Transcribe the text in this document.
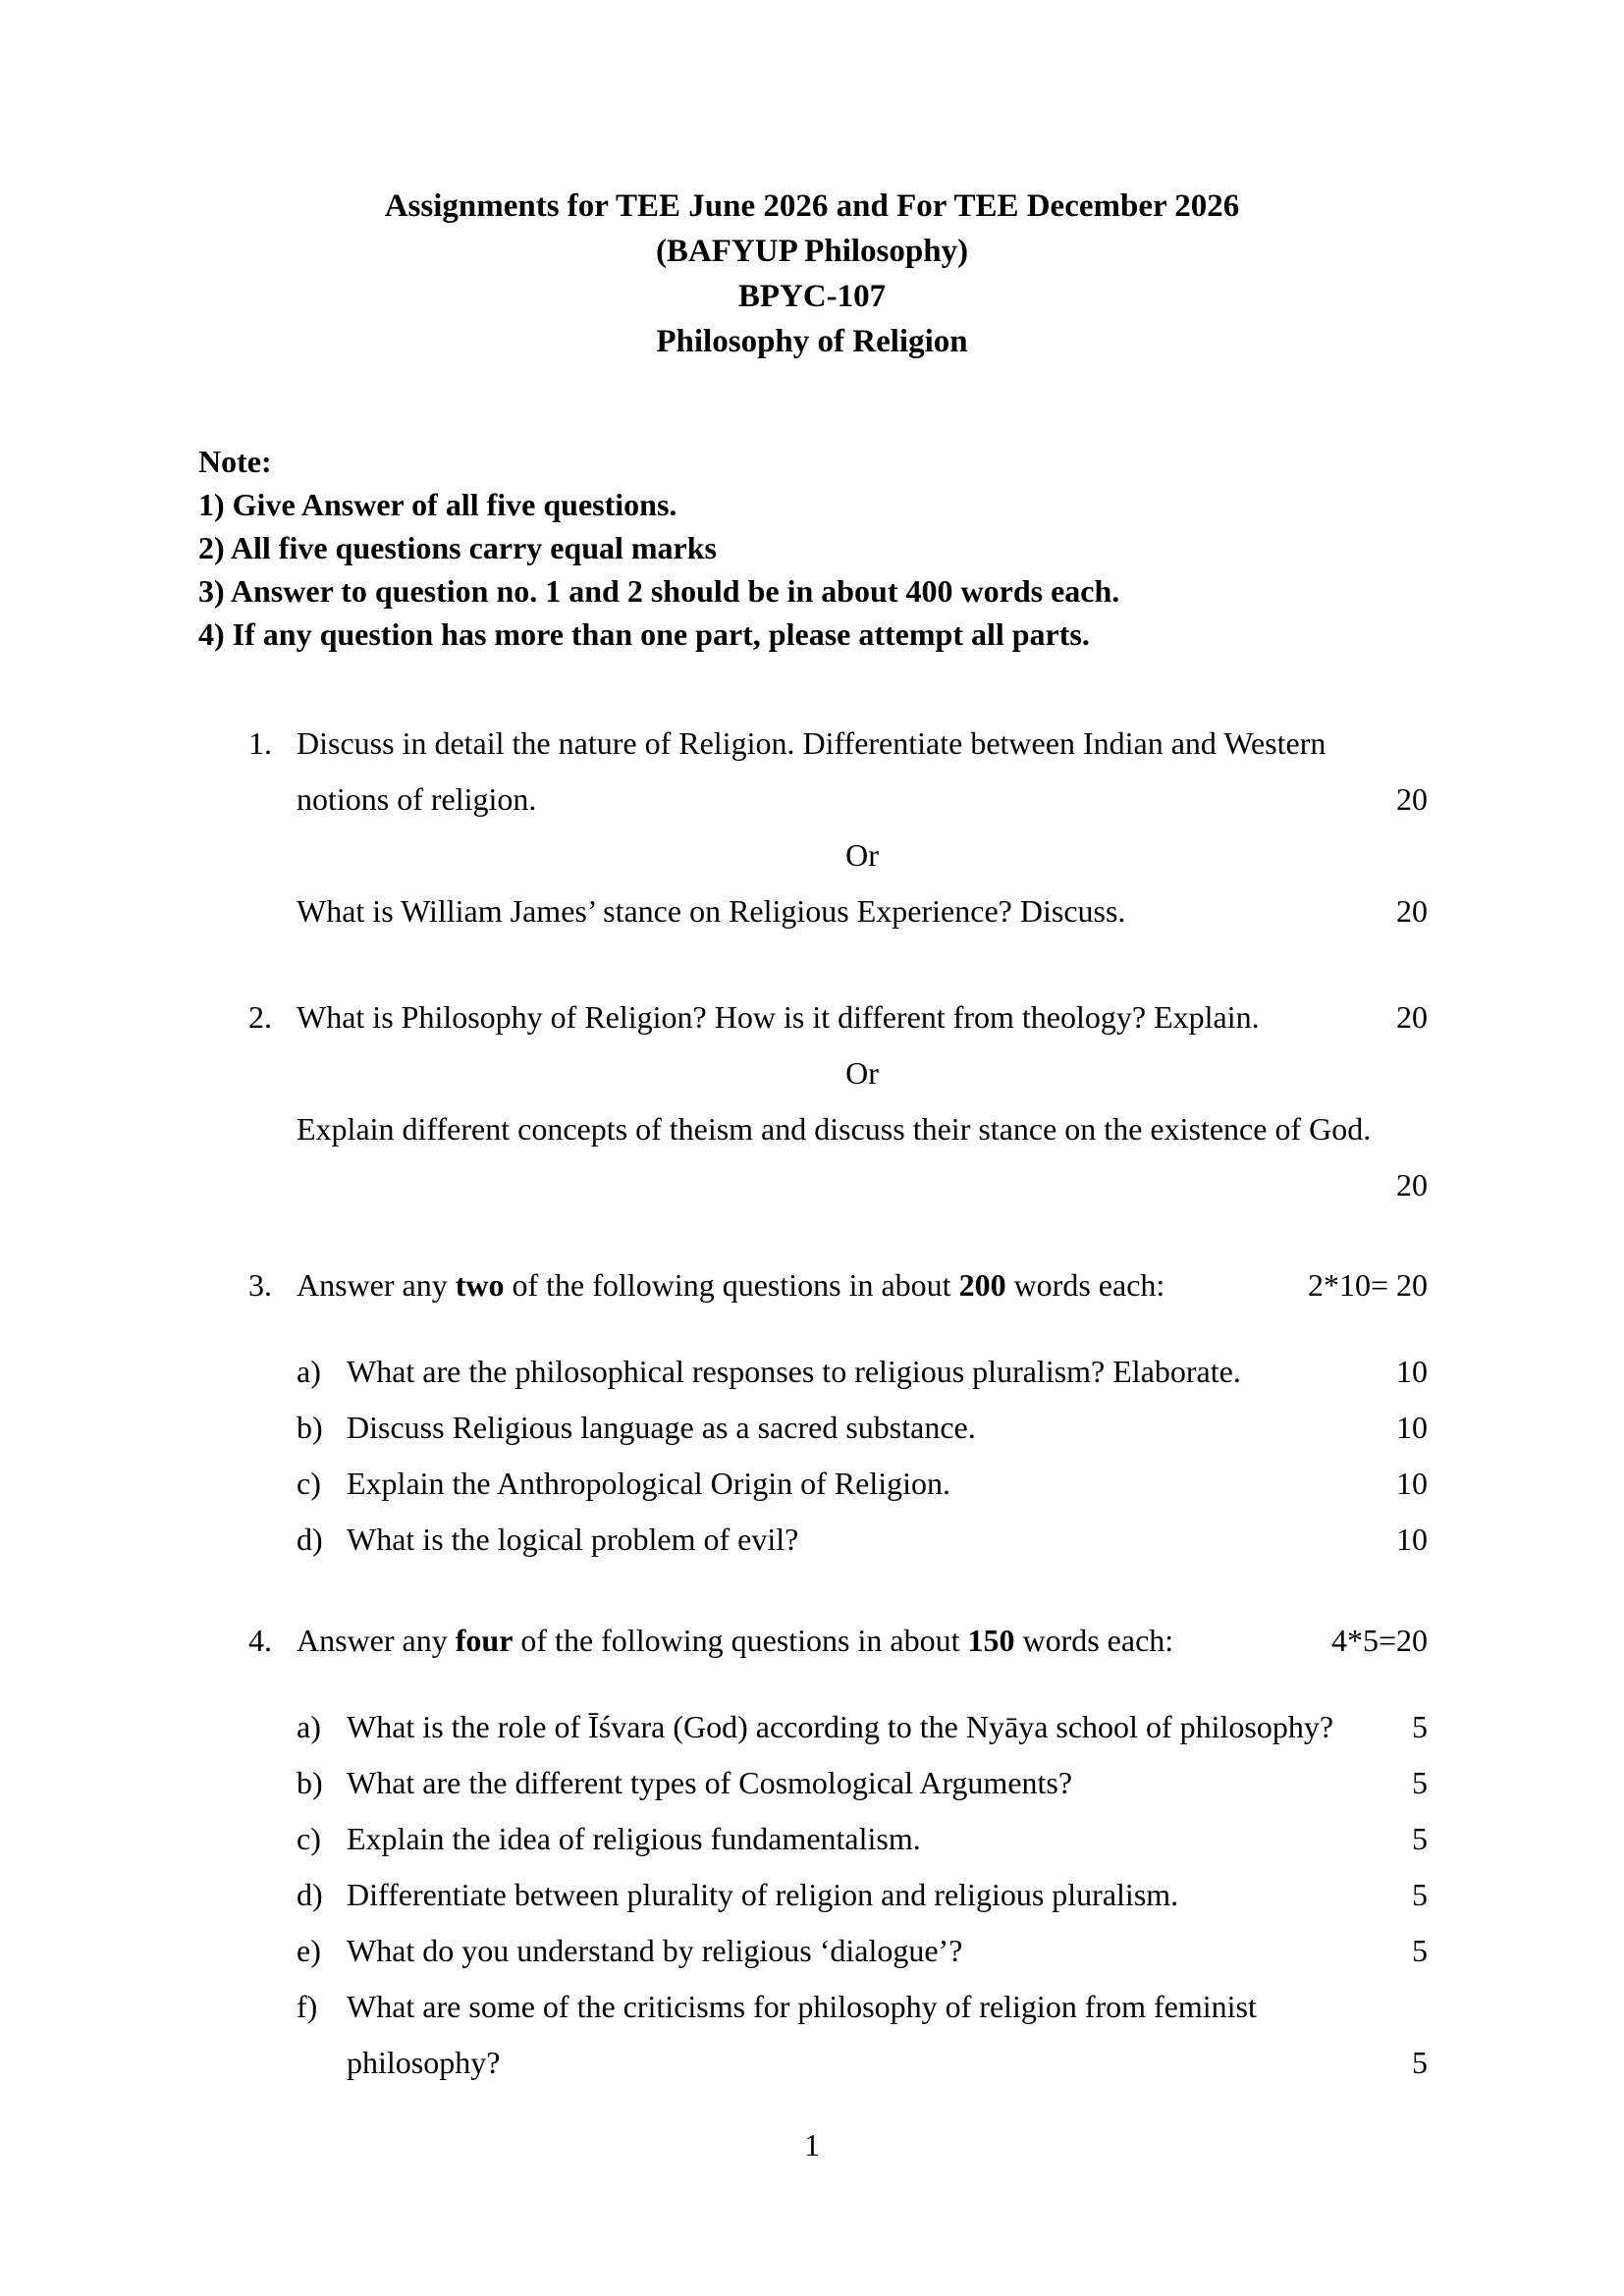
Assignments for TEE June 2026 and For TEE December 2026
(BAFYUP Philosophy)
BPYC-107
Philosophy of Religion
Note:
1) Give Answer of all five questions.
2) All five questions carry equal marks
3) Answer to question no. 1 and 2 should be in about 400 words each.
4) If any question has more than one part, please attempt all parts.
1. Discuss in detail the nature of Religion. Differentiate between Indian and Western
notions of religion.	20
Or
What is William James’ stance on Religious Experience? Discuss.	20
2. What is Philosophy of Religion? How is it different from theology? Explain.	20
Or
Explain different concepts of theism and discuss their stance on the existence of God.
20
3. Answer any two of the following questions in about 200 words each:	2*10= 20
a) What are the philosophical responses to religious pluralism? Elaborate.	10
b) Discuss Religious language as a sacred substance.	10
c) Explain the Anthropological Origin of Religion.	10
d) What is the logical problem of evil?	10
4. Answer any four of the following questions in about 150 words each:	4*5=20
a) What is the role of Īśvara (God) according to the Nyāya school of philosophy?	5
b) What are the different types of Cosmological Arguments?	5
c) Explain the idea of religious fundamentalism.	5
d) Differentiate between plurality of religion and religious pluralism.	5
e) What do you understand by religious ‘dialogue’?	5
f) What are some of the criticisms for philosophy of religion from feminist
philosophy?	5
1
